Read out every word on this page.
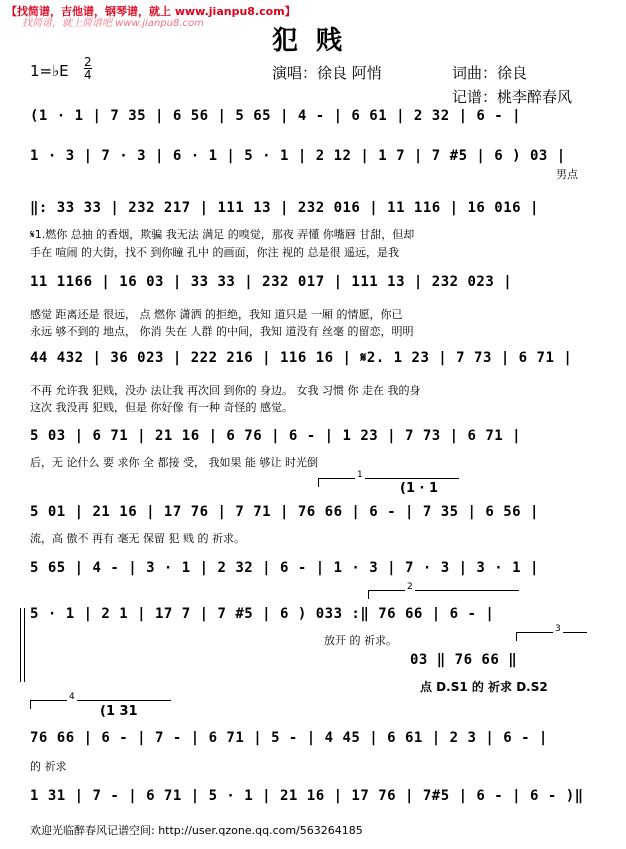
【找简谱，吉他谱，钢琴谱，就上 www.jianpu8.com】
找简谱，就上简谱吧 www.jianpu8.com
犯贱
1=♭E 2
4	演唱：徐良 阿悄	词曲：徐良
记谱：桃李醉春风
(1 · 1 | 7 35 | 6 56 | 5 65 | 4 - | 6 61 | 2 32 | 6 - |
1 · 3 | 7 · 3 | 6 · 1 | 5 · 1 | 2 12 | 1 7 | 7 #5 | 6 ) 03 |
男点
‖: 33 33 | 232 217 | 111 13 | 232 016 | 11 116 | 16 016 |
𝄋1.燃你 总抽 的香烟，欺骗 我无法 满足 的嗅觉，那夜 弄懂 你嘴唇 甘甜，但却
手在 喧闹 的大街，找不 到你瞳 孔中 的画面，你注 视的 总是很 遥远，是我
11 1166 | 16 03 | 33 33 | 232 017 | 111 13 | 232 023 |
感觉 距离还是 很远， 点 燃你 潇洒 的拒绝，我知 道只是 一厢 的情愿，你已
永远 够不到的 地点， 你消 失在 人群 的中间，我知 道没有 丝毫 的留恋，明明
44 432 | 36 023 | 222 216 | 116 16 | 𝄋2. 1 23 | 7 73 | 6 71 |
不再 允许我 犯贱，没办 法让我 再次回 到你的 身边。 女我 习惯 你 走在 我的身
这次 我没再 犯贱，但是 你好像 有一种 奇怪的 感觉。
5 03 | 6 71 | 21 16 | 6 76 | 6 - | 1 23 | 7 73 | 6 71 |
后，无 论什么 要 求你 全 都接 受， 我如果 能 够让 时光倒
1
(1 · 1
5 01 | 21 16 | 17 76 | 7 71 | 76 66 | 6 - | 7 35 | 6 56 |
流，高 傲不 再有 毫无 保留 犯 贱 的 祈求。
5 65 | 4 - | 3 · 1 | 2 32 | 6 - | 1 · 3 | 7 · 3 | 3 · 1 |
2
5 · 1 | 2 1 | 17 7 | 7 #5 | 6 ) 033 :‖ 76 66 | 6 - |
放开 的 祈求。
3
03 ‖ 76 66 ‖
点 D.S1 的 祈求 D.S2
4
(1 31
76 66 | 6 - | 7 - | 6 71 | 5 - | 4 45 | 6 61 | 2 3 | 6 - |
的 祈求
1 31 | 7 - | 6 71 | 5 · 1 | 21 16 | 17 76 | 7#5 | 6 - | 6 - )‖
欢迎光临醉春风记谱空间: http://user.qzone.qq.com/563264185
